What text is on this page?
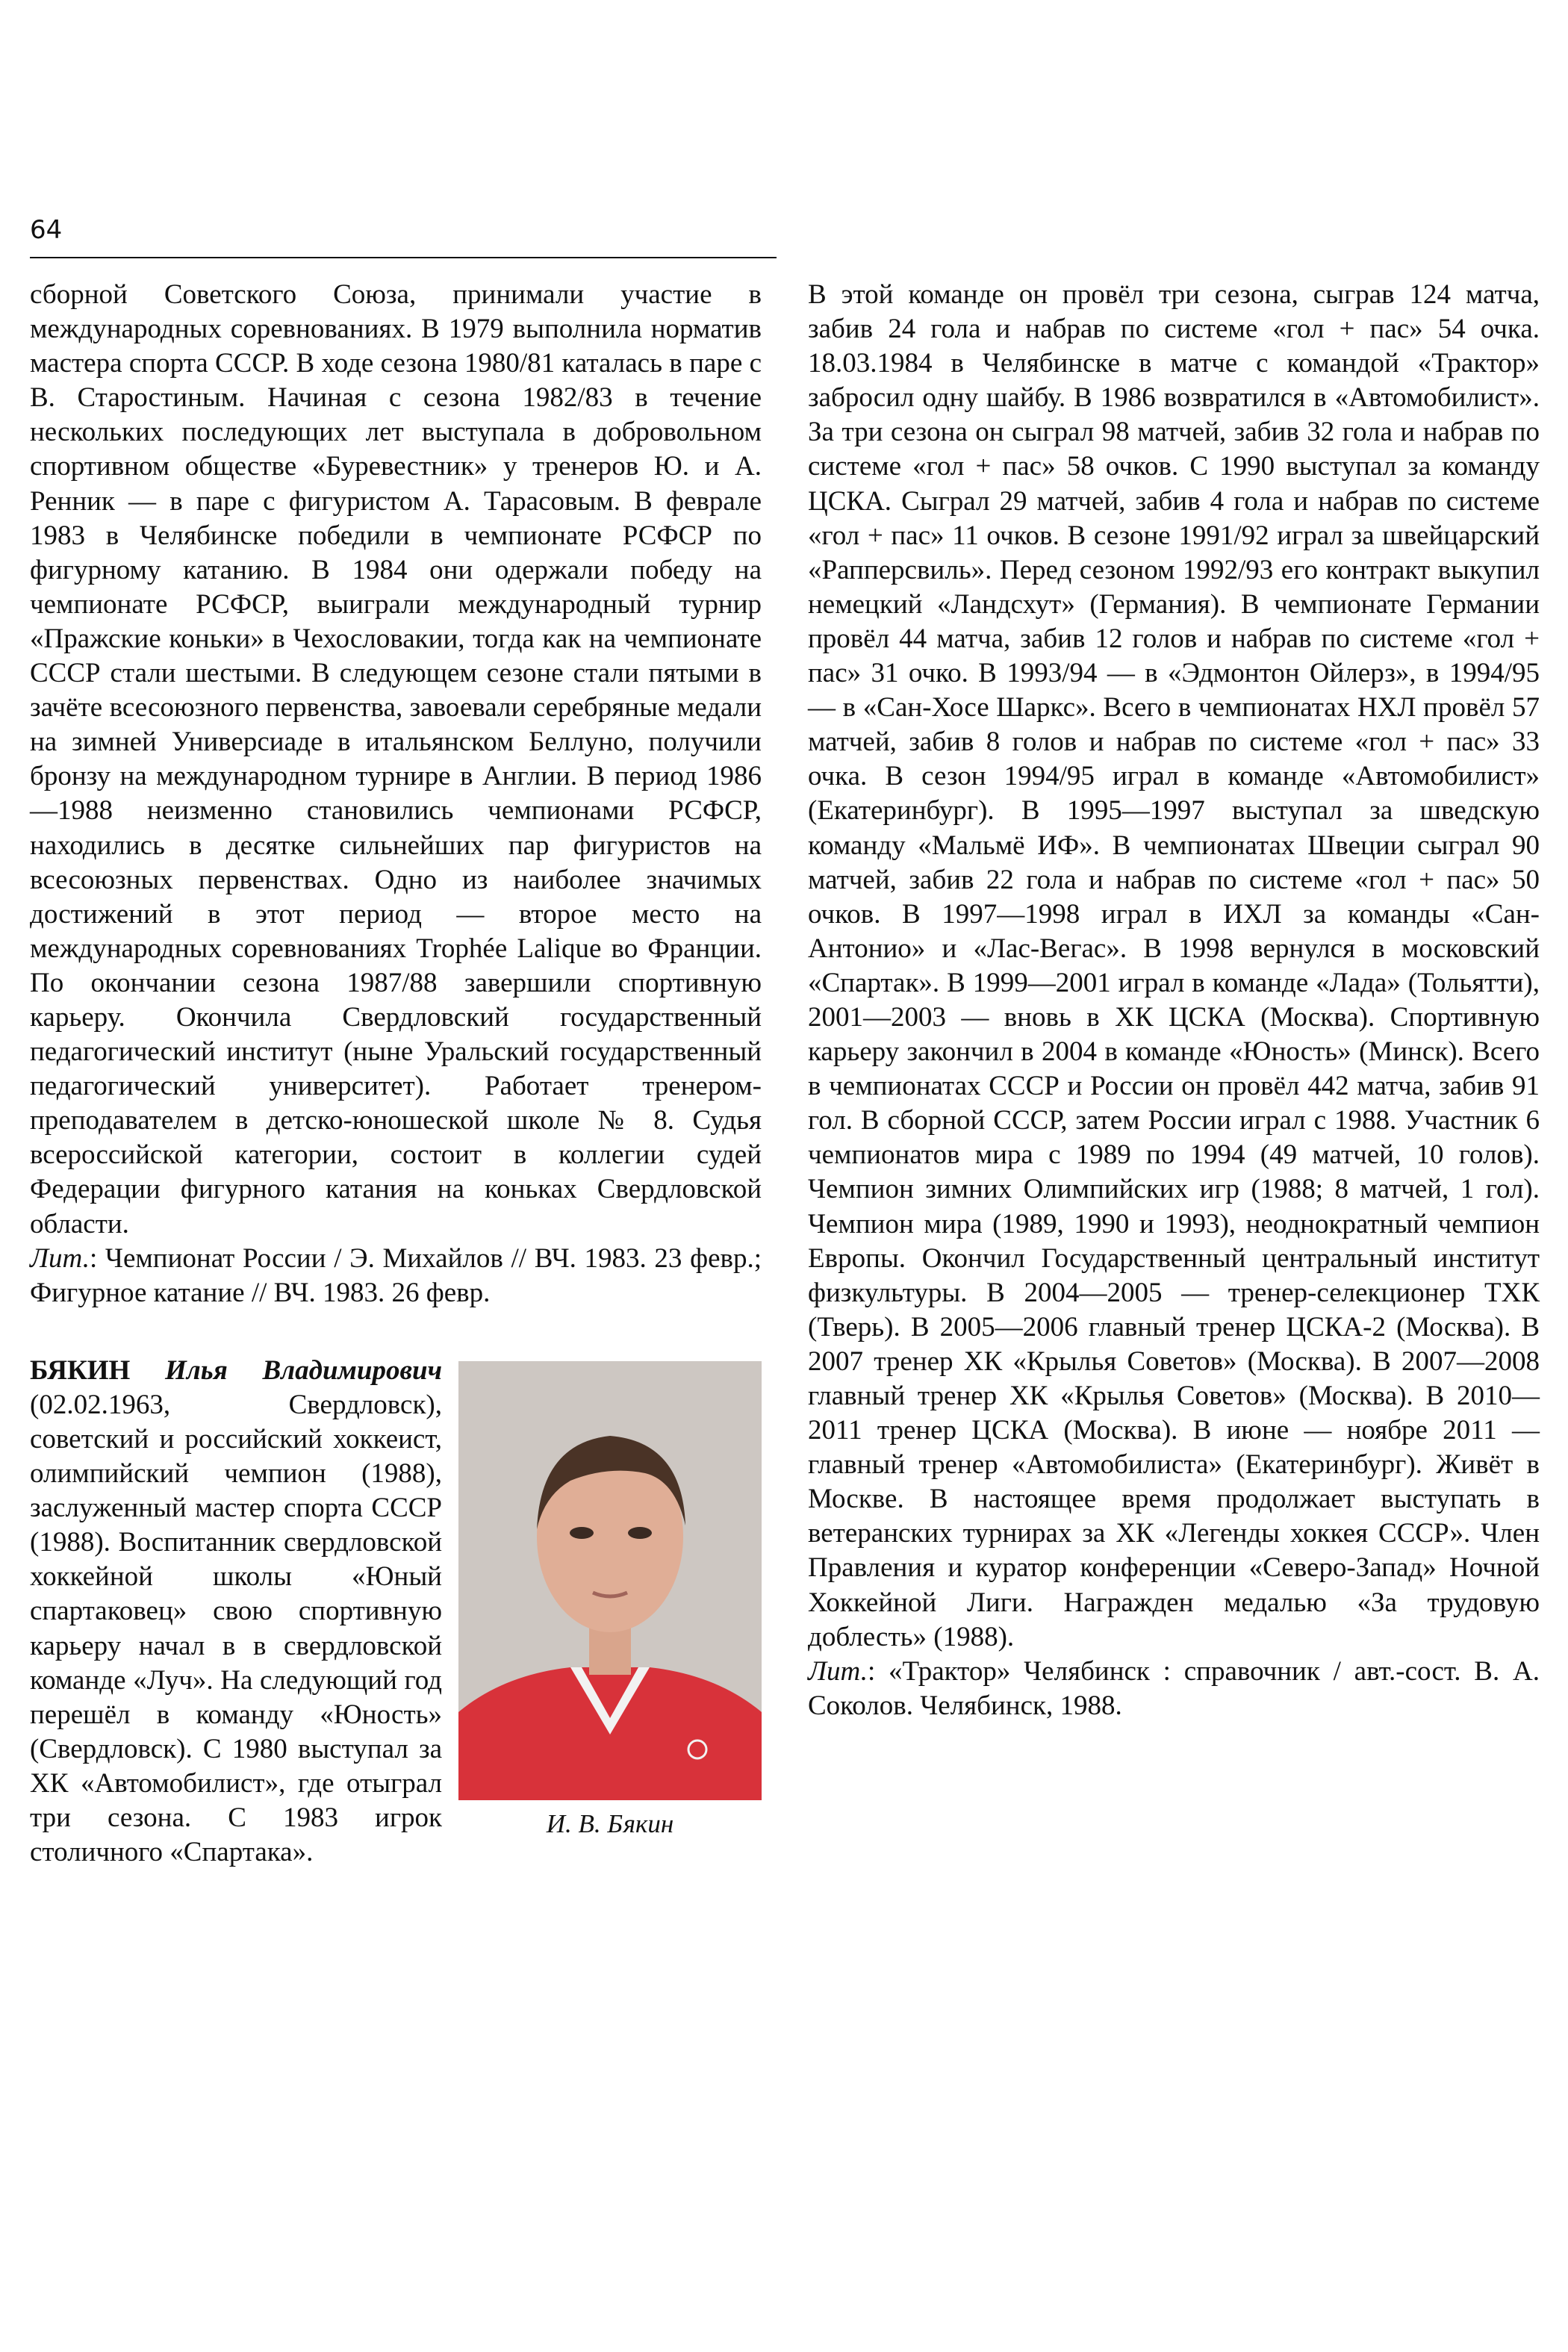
64

сборной Советского Союза, принимали участие в международных соревнованиях. В 1979 выполнила норматив мастера спорта СССР. В ходе сезона 1980/81 каталась в паре с В. Старостиным. Начиная с сезона 1982/83 в течение нескольких последующих лет выступала в добровольном спортивном обществе «Буревестник» у тренеров Ю. и А. Ренник — в паре с фигуристом А. Тарасовым. В феврале 1983 в Челябинске победили в чемпионате РСФСР по фигурному катанию. В 1984 они одержали победу на чемпионате РСФСР, выиграли международный турнир «Пражские коньки» в Чехословакии, тогда как на чемпионате СССР стали шестыми. В следующем сезоне стали пятыми в зачёте всесоюзного первенства, завоевали серебряные медали на зимней Универсиаде в итальянском Беллуно, получили бронзу на международном турнире в Англии. В период 1986—1988 неизменно становились чемпионами РСФСР, находились в десятке сильнейших пар фигуристов на всесоюзных первенствах. Одно из наиболее значимых достижений в этот период — второе место на международных соревнованиях Trophée Lalique во Франции. По окончании сезона 1987/88 завершили спортивную карьеру. Окончила Свердловский государственный педагогический институт (ныне Уральский государственный педагогический университет). Работает тренером-преподавателем в детско-юношеской школе № 8. Судья всероссийской категории, состоит в коллегии судей Федерации фигурного катания на коньках Свердловской области.

Лит.: Чемпионат России / Э. Михайлов // ВЧ. 1983. 23 февр.; Фигурное катание // ВЧ. 1983. 26 февр.

И. В. Бякин
БЯКИН Илья Владимирович (02.02.1963, Свердловск), советский и российский хоккеист, олимпийский чемпион (1988), заслуженный мастер спорта СССР (1988). Воспитанник свердловской хоккейной школы «Юный спартаковец» свою спортивную карьеру начал в в свердловской команде «Луч». На следующий год перешёл в команду «Юность» (Свердловск). С 1980 выступал за ХК «Автомобилист», где отыграл три сезона. С 1983 игрок столичного «Спартака».

В этой команде он провёл три сезона, сыграв 124 матча, забив 24 гола и набрав по системе «гол + пас» 54 очка. 18.03.1984 в Челябинске в матче с командой «Трактор» забросил одну шайбу. В 1986 возвратился в «Автомобилист». За три сезона он сыграл 98 матчей, забив 32 гола и набрав по системе «гол + пас» 58 очков. С 1990 выступал за команду ЦСКА. Сыграл 29 матчей, забив 4 гола и набрав по системе «гол + пас» 11 очков. В сезоне 1991/92 играл за швейцарский «Рапперсвиль». Перед сезоном 1992/93 его контракт выкупил немецкий «Ландсхут» (Германия). В чемпионате Германии провёл 44 матча, забив 12 голов и набрав по системе «гол + пас» 31 очко. В 1993/94 — в «Эдмонтон Ойлерз», в 1994/95 — в «Сан-Хосе Шаркс». Всего в чемпионатах НХЛ провёл 57 матчей, забив 8 голов и набрав по системе «гол + пас» 33 очка. В сезон 1994/95 играл в команде «Автомобилист» (Екатеринбург). В 1995—1997 выступал за шведскую команду «Мальмё ИФ». В чемпионатах Швеции сыграл 90 матчей, забив 22 гола и набрав по системе «гол + пас» 50 очков. В 1997—1998 играл в ИХЛ за команды «Сан-Антонио» и «Лас-Вегас». В 1998 вернулся в московский «Спартак». В 1999—2001 играл в команде «Лада» (Тольятти), 2001—2003 — вновь в ХК ЦСКА (Москва). Спортивную карьеру закончил в 2004 в команде «Юность» (Минск). Всего в чемпионатах СССР и России он провёл 442 матча, забив 91 гол. В сборной СССР, затем России играл с 1988. Участник 6 чемпионатов мира с 1989 по 1994 (49 матчей, 10 голов). Чемпион зимних Олимпийских игр (1988; 8 матчей, 1 гол). Чемпион мира (1989, 1990 и 1993), неоднократный чемпион Европы. Окончил Государственный центральный институт физкультуры. В 2004—2005 — тренер-селекционер ТХК (Тверь). В 2005—2006 главный тренер ЦСКА-2 (Москва). В 2007 тренер ХК «Крылья Советов» (Москва). В 2007—2008 главный тренер ХК «Крылья Советов» (Москва). В 2010—2011 тренер ЦСКА (Москва). В июне — ноябре 2011 — главный тренер «Автомобилиста» (Екатеринбург). Живёт в Москве. В настоящее время продолжает выступать в ветеранских турнирах за ХК «Легенды хоккея СССР». Член Правления и куратор конференции «Северо-Запад» Ночной Хоккейной Лиги. Награжден медалью «За трудовую доблесть» (1988).

Лит.: «Трактор» Челябинск : справочник / авт.-сост. В. А. Соколов. Челябинск, 1988.
